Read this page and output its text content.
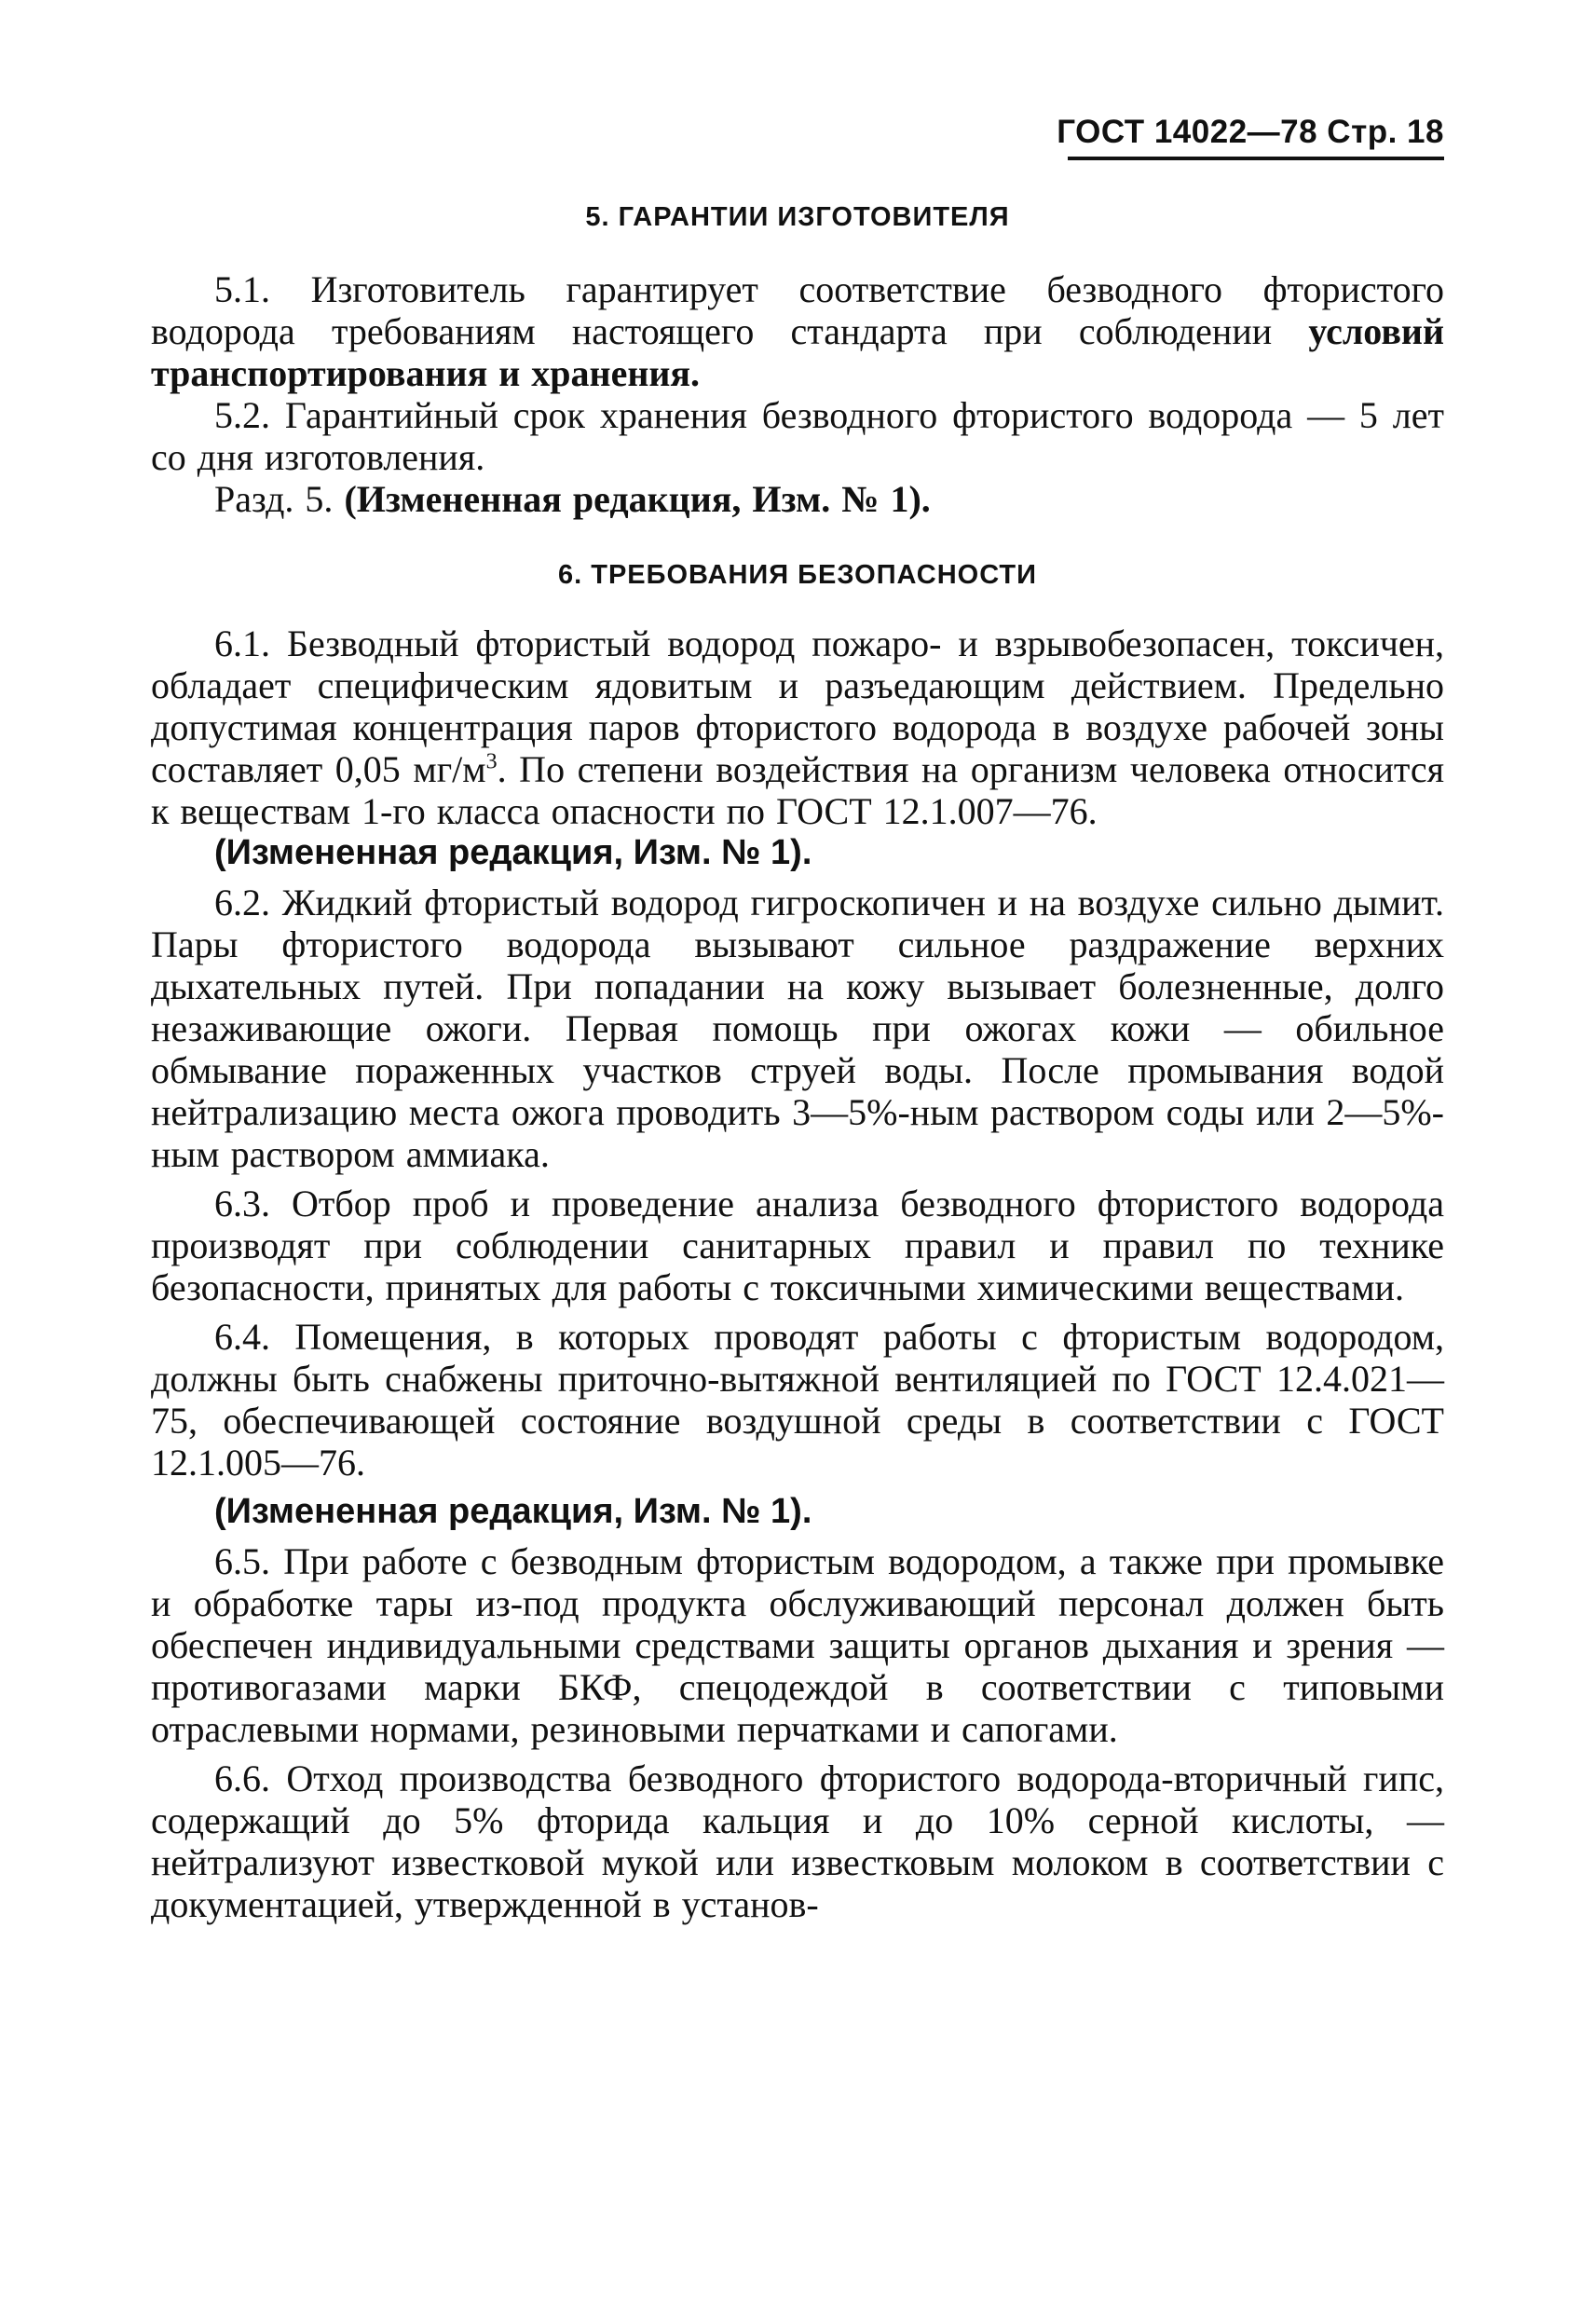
ГОСТ 14022—78 Стр. 18
5. ГАРАНТИИ ИЗГОТОВИТЕЛЯ

5.1. Изготовитель гарантирует соответствие безводного фтористого водорода требованиям настоящего стандарта при соблюдении условий транспортирования и хранения.

5.2. Гарантийный срок хранения безводного фтористого водорода — 5 лет со дня изготовления.

Разд. 5. (Измененная редакция, Изм. № 1).

6. ТРЕБОВАНИЯ БЕЗОПАСНОСТИ

6.1. Безводный фтористый водород пожаро- и взрывобезопасен, токсичен, обладает специфическим ядовитым и разъедающим действием. Предельно допустимая концентрация паров фтористого водорода в воздухе рабочей зоны составляет 0,05 $мг/м^3$. По степени воздействия на организм человека относится к веществам 1-го класса опасности по ГОСТ 12.1.007—76.

(Измененная редакция, Изм. № 1).

6.2. Жидкий фтористый водород гигроскопичен и на воздухе сильно дымит. Пары фтористого водорода вызывают сильное раздражение верхних дыхательных путей. При попадании на кожу вызывает болезненные, долго незаживающие ожоги. Первая помощь при ожогах кожи — обильное обмывание пораженных участков струей воды. После промывания водой нейтрализацию места ожога проводить 3—5%-ным раствором соды или 2—5%-ным раствором аммиака.

6.3. Отбор проб и проведение анализа безводного фтористого водорода производят при соблюдении санитарных правил и правил по технике безопасности, принятых для работы с токсичными химическими веществами.

6.4. Помещения, в которых проводят работы с фтористым водородом, должны быть снабжены приточно-вытяжной вентиляцией по ГОСТ 12.4.021—75, обеспечивающей состояние воздушной среды в соответствии с ГОСТ 12.1.005—76.

(Измененная редакция, Изм. № 1).

6.5. При работе с безводным фтористым водородом, а также при промывке и обработке тары из-под продукта обслуживающий персонал должен быть обеспечен индивидуальными средствами защиты органов дыхания и зрения — противогазами марки БКФ, спецодеждой в соответствии с типовыми отраслевыми нормами, резиновыми перчатками и сапогами.

6.6. Отход производства безводного фтористого водорода-вторичный гипс, содержащий до 5% фторида кальция и до 10% серной кислоты, — нейтрализуют известковой мукой или известковым молоком в соответствии с документацией, утвержденной в установ-
